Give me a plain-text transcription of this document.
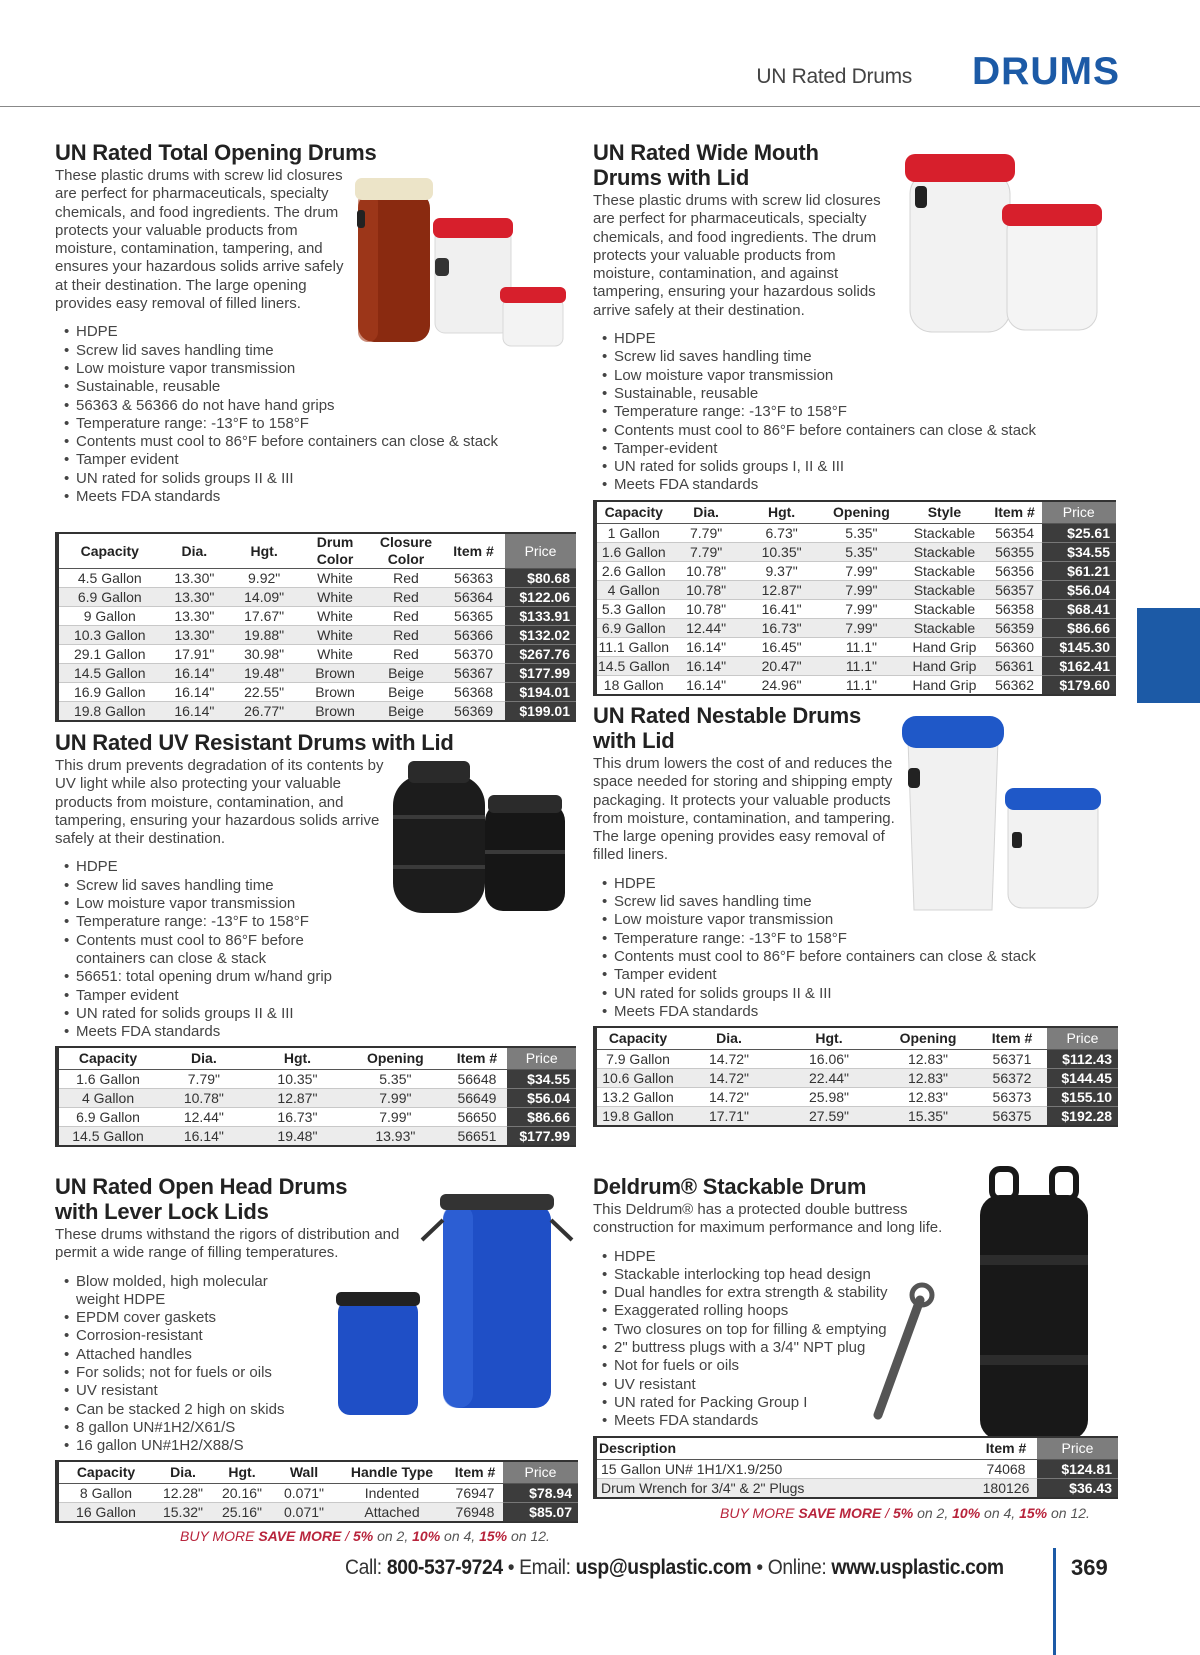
UN Rated Drums DRUMS
UN Rated Total Opening Drums
These plastic drums with screw lid closures are perfect for pharmaceuticals, specialty chemicals, and food ingredients. The drum protects your valuable products from moisture, contamination, tampering, and ensures your hazardous solids arrive safely at their destination. The large opening provides easy removal of filled liners.
• HDPE
• Screw lid saves handling time
• Low moisture vapor transmission
• Sustainable, reusable
• 56363 & 56366 do not have hand grips
• Temperature range: -13°F to 158°F
• Contents must cool to 86°F before containers can close & stack
• Tamper evident
• UN rated for solids groups II & III
• Meets FDA standards
Capacity	Dia.	Hgt.	Drum Color	Closure Color	Item #	Price
4.5 Gallon	13.30"	9.92"	White	Red	56363	$80.68
6.9 Gallon	13.30"	14.09"	White	Red	56364	$122.06
9 Gallon	13.30"	17.67"	White	Red	56365	$133.91
10.3 Gallon	13.30"	19.88"	White	Red	56366	$132.02
29.1 Gallon	17.91"	30.98"	White	Red	56370	$267.76
14.5 Gallon	16.14"	19.48"	Brown	Beige	56367	$177.99
16.9 Gallon	16.14"	22.55"	Brown	Beige	56368	$194.01
19.8 Gallon	16.14"	26.77"	Brown	Beige	56369	$199.01
UN Rated Wide Mouth Drums with Lid
These plastic drums with screw lid closures are perfect for pharmaceuticals, specialty chemicals, and food ingredients. The drum protects your valuable products from moisture, contamination, and against tampering, ensuring your hazardous solids arrive safely at their destination.
• HDPE
• Screw lid saves handling time
• Low moisture vapor transmission
• Sustainable, reusable
• Temperature range: -13°F to 158°F
• Contents must cool to 86°F before containers can close & stack
• Tamper-evident
• UN rated for solids groups I, II & III
• Meets FDA standards
Capacity	Dia.	Hgt.	Opening	Style	Item #	Price
1 Gallon	7.79"	6.73"	5.35"	Stackable	56354	$25.61
1.6 Gallon	7.79"	10.35"	5.35"	Stackable	56355	$34.55
2.6 Gallon	10.78"	9.37"	7.99"	Stackable	56356	$61.21
4 Gallon	10.78"	12.87"	7.99"	Stackable	56357	$56.04
5.3 Gallon	10.78"	16.41"	7.99"	Stackable	56358	$68.41
6.9 Gallon	12.44"	16.73"	7.99"	Stackable	56359	$86.66
11.1 Gallon	16.14"	16.45"	11.1"	Hand Grip	56360	$145.30
14.5 Gallon	16.14"	20.47"	11.1"	Hand Grip	56361	$162.41
18 Gallon	16.14"	24.96"	11.1"	Hand Grip	56362	$179.60
UN Rated UV Resistant Drums with Lid
This drum prevents degradation of its contents by UV light while also protecting your valuable products from moisture, contamination, and tampering, ensuring your hazardous solids arrive safely at their destination.
• HDPE
• Screw lid saves handling time
• Low moisture vapor transmission
• Temperature range: -13°F to 158°F
• Contents must cool to 86°F before containers can close & stack
• 56651: total opening drum w/hand grip
• Tamper evident
• UN rated for solids groups II & III
• Meets FDA standards
Capacity	Dia.	Hgt.	Opening	Item #	Price
1.6 Gallon	7.79"	10.35"	5.35"	56648	$34.55
4 Gallon	10.78"	12.87"	7.99"	56649	$56.04
6.9 Gallon	12.44"	16.73"	7.99"	56650	$86.66
14.5 Gallon	16.14"	19.48"	13.93"	56651	$177.99
UN Rated Nestable Drums with Lid
This drum lowers the cost of and reduces the space needed for storing and shipping empty packaging. It protects your valuable products from moisture, contamination, and tampering. The large opening provides easy removal of filled liners.
• HDPE
• Screw lid saves handling time
• Low moisture vapor transmission
• Temperature range: -13°F to 158°F
• Contents must cool to 86°F before containers can close & stack
• Tamper evident
• UN rated for solids groups II & III
• Meets FDA standards
Capacity	Dia.	Hgt.	Opening	Item #	Price
7.9 Gallon	14.72"	16.06"	12.83"	56371	$112.43
10.6 Gallon	14.72"	22.44"	12.83"	56372	$144.45
13.2 Gallon	14.72"	25.98"	12.83"	56373	$155.10
19.8 Gallon	17.71"	27.59"	15.35"	56375	$192.28
UN Rated Open Head Drums with Lever Lock Lids
These drums withstand the rigors of distribution and permit a wide range of filling temperatures.
• Blow molded, high molecular weight HDPE
• EPDM cover gaskets
• Corrosion-resistant
• Attached handles
• For solids; not for fuels or oils
• UV resistant
• Can be stacked 2 high on skids
• 8 gallon UN#1H2/X61/S
• 16 gallon UN#1H2/X88/S
Capacity	Dia.	Hgt.	Wall	Handle Type	Item #	Price
8 Gallon	12.28"	20.16"	0.071"	Indented	76947	$78.94
16 Gallon	15.32"	25.16"	0.071"	Attached	76948	$85.07
BUY MORE SAVE MORE / 5% on 2, 10% on 4, 15% on 12.
Deldrum® Stackable Drum
This Deldrum® has a protected double buttress construction for maximum performance and long life.
• HDPE
• Stackable interlocking top head design
• Dual handles for extra strength & stability
• Exaggerated rolling hoops
• Two closures on top for filling & emptying
• 2" buttress plugs with a 3/4" NPT plug
• Not for fuels or oils
• UV resistant
• UN rated for Packing Group I
• Meets FDA standards
Description	Item #	Price
15 Gallon UN# 1H1/X1.9/250	74068	$124.81
Drum Wrench for 3/4" & 2" Plugs	180126	$36.43
BUY MORE SAVE MORE / 5% on 2, 10% on 4, 15% on 12.
Call: 800-537-9724 • Email: usp@usplastic.com • Online: www.usplastic.com	369
